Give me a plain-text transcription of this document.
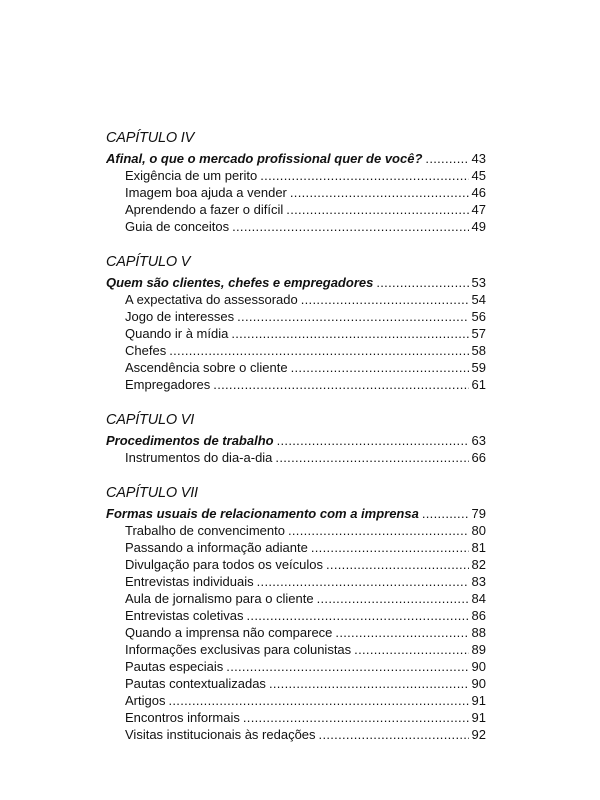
CAPÍTULO IV
Afinal, o que o mercado profissional quer de você? .....	43
Exigência de um perito .....	45
Imagem boa ajuda a vender .....	46
Aprendendo a fazer o difícil .....	47
Guia de conceitos .....	49
CAPÍTULO V
Quem são clientes, chefes e empregadores .....	53
A expectativa do assessorado .....	54
Jogo de interesses .....	56
Quando ir à mídia .....	57
Chefes .....	58
Ascendência sobre o cliente .....	59
Empregadores .....	61
CAPÍTULO VI
Procedimentos de trabalho .....	63
Instrumentos do dia-a-dia .....	66
CAPÍTULO VII
Formas usuais de relacionamento com a imprensa .....	79
Trabalho de convencimento .....	80
Passando a informação adiante .....	81
Divulgação para todos os veículos .....	82
Entrevistas individuais .....	83
Aula de jornalismo para o cliente .....	84
Entrevistas coletivas .....	86
Quando a imprensa não comparece .....	88
Informações exclusivas para colunistas .....	89
Pautas especiais .....	90
Pautas contextualizadas .....	90
Artigos .....	91
Encontros informais .....	91
Visitas institucionais às redações .....	92
